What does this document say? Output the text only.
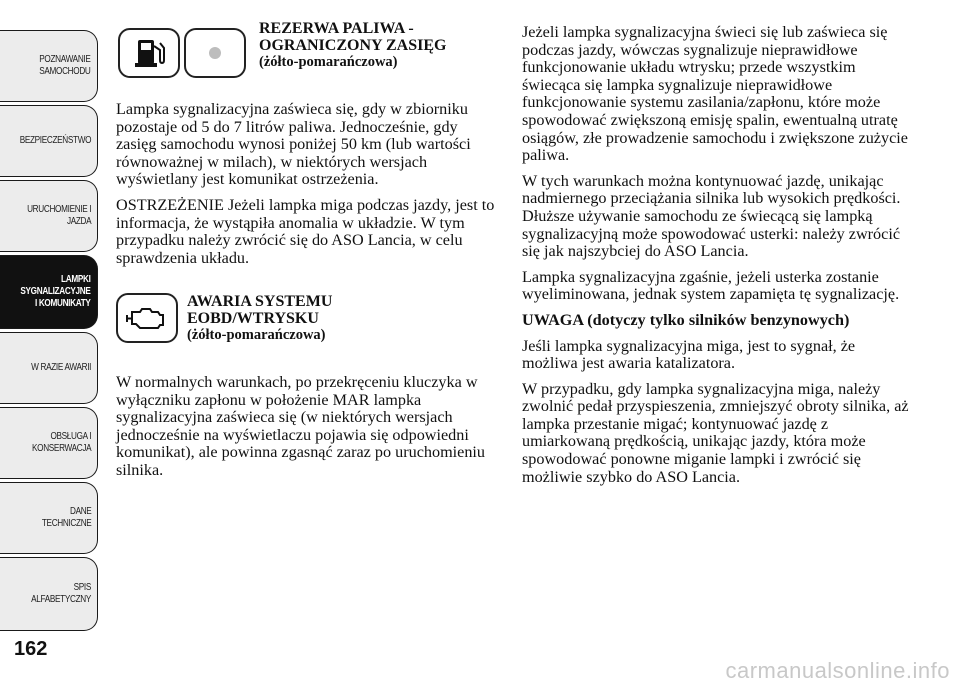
POZNAWANIE
SAMOCHODU
BEZPIECZEŃSTWO
URUCHOMIENIE I
JAZDA
LAMPKI
SYGNALIZACYJNE
I KOMUNIKATY
W RAZIE AWARII
OBSŁUGA I
KONSERWACJA
DANE
TECHNICZNE
SPIS
ALFABETYCZNY
162
REZERWA PALIWA -
OGRANICZONY ZASIĘG
(żółto-pomarańczowa)

Lampka sygnalizacyjna zaświeca się, gdy w zbiorniku pozostaje od 5 do 7 litrów paliwa. Jednocześnie, gdy zasięg samochodu wynosi poniżej 50 km (lub wartości równoważnej w milach), w niektórych wersjach wyświetlany jest komunikat ostrzeżenia.

OSTRZEŻENIE Jeżeli lampka miga podczas jazdy, jest to informacja, że wystąpiła anomalia w układzie. W tym przypadku należy zwrócić się do ASO Lancia, w celu sprawdzenia układu.

AWARIA SYSTEMU
EOBD/WTRYSKU
(żółto-pomarańczowa)

W normalnych warunkach, po przekręceniu kluczyka w wyłączniku zapłonu w położenie MAR lampka sygnalizacyjna zaświeca się (w niektórych wersjach jednocześnie na wyświetlaczu pojawia się odpowiedni komunikat), ale powinna zgasnąć zaraz po uruchomieniu silnika.

Jeżeli lampka sygnalizacyjna świeci się lub zaświeca się podczas jazdy, wówczas sygnalizuje nieprawidłowe funkcjonowanie układu wtrysku; przede wszystkim świecąca się lampka sygnalizuje nieprawidłowe funkcjonowanie systemu zasilania/zapłonu, które może spowodować zwiększoną emisję spalin, ewentualną utratę osiągów, złe prowadzenie samochodu i zwiększone zużycie paliwa.

W tych warunkach można kontynuować jazdę, unikając nadmiernego przeciążania silnika lub wysokich prędkości. Dłuższe używanie samochodu ze świecącą się lampką sygnalizacyjną może spowodować usterki: należy zwrócić się jak najszybciej do ASO Lancia.

Lampka sygnalizacyjna zgaśnie, jeżeli usterka zostanie wyeliminowana, jednak system zapamięta tę sygnalizację.

UWAGA (dotyczy tylko silników benzynowych)

Jeśli lampka sygnalizacyjna miga, jest to sygnał, że możliwa jest awaria katalizatora.

W przypadku, gdy lampka sygnalizacyjna miga, należy zwolnić pedał przyspieszenia, zmniejszyć obroty silnika, aż lampka przestanie migać; kontynuować jazdę z umiarkowaną prędkością, unikając jazdy, która może spowodować ponowne miganie lampki i zwrócić się możliwie szybko do ASO Lancia.

carmanualsonline.info
